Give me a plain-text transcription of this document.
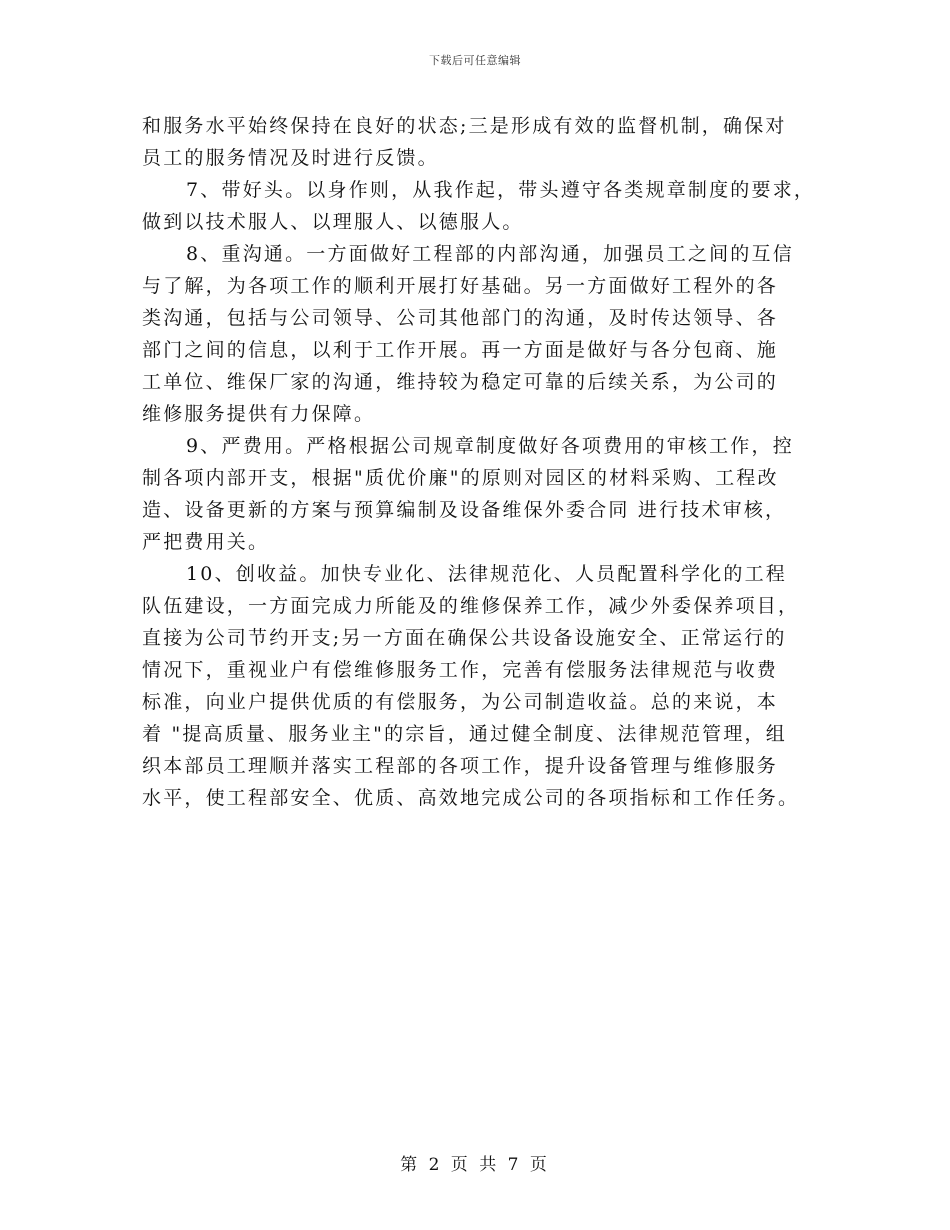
下载后可任意编辑
和服务水平始终保持在良好的状态;三是形成有效的监督机制，确保对
员工的服务情况及时进行反馈。
7、带好头。以身作则，从我作起，带头遵守各类规章制度的要求，
做到以技术服人、以理服人、以德服人。
8、重沟通。一方面做好工程部的内部沟通，加强员工之间的互信
与了解，为各项工作的顺利开展打好基础。另一方面做好工程外的各
类沟通，包括与公司领导、公司其他部门的沟通，及时传达领导、各
部门之间的信息，以利于工作开展。再一方面是做好与各分包商、施
工单位、维保厂家的沟通，维持较为稳定可靠的后续关系，为公司的
维修服务提供有力保障。
9、严费用。严格根据公司规章制度做好各项费用的审核工作，控
制各项内部开支，根据"质优价廉"的原则对园区的材料采购、工程改
造、设备更新的方案与预算编制及设备维保外委合同 进行技术审核，
严把费用关。
10、创收益。加快专业化、法律规范化、人员配置科学化的工程
队伍建设，一方面完成力所能及的维修保养工作，减少外委保养项目，
直接为公司节约开支;另一方面在确保公共设备设施安全、正常运行的
情况下，重视业户有偿维修服务工作，完善有偿服务法律规范与收费
标准，向业户提供优质的有偿服务，为公司制造收益。总的来说，本
着 "提高质量、服务业主"的宗旨，通过健全制度、法律规范管理，组
织本部员工理顺并落实工程部的各项工作，提升设备管理与维修服务
水平，使工程部安全、优质、高效地完成公司的各项指标和工作任务。
第 2 页 共 7 页
